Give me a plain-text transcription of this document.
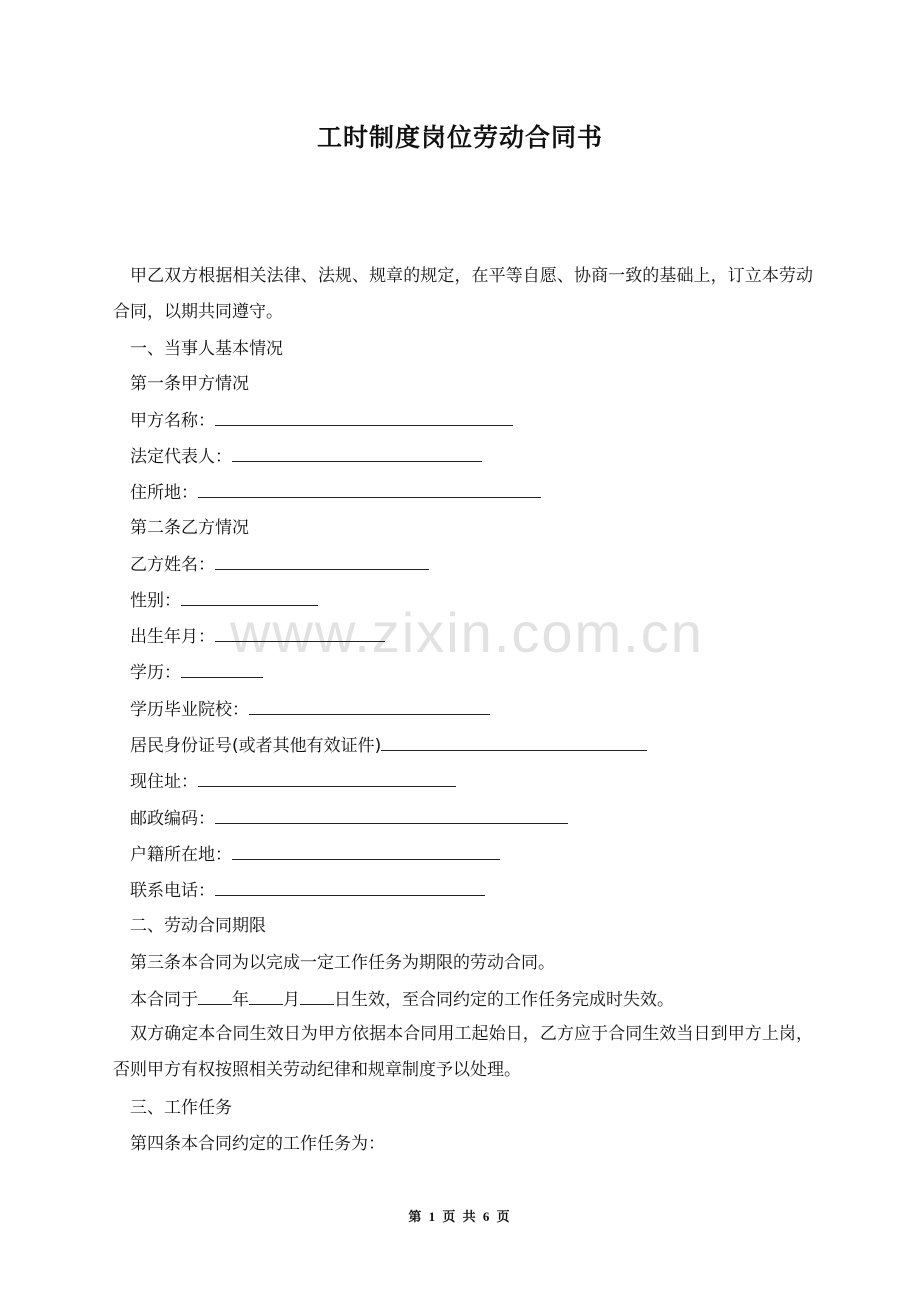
www.zixin.com.cn
工时制度岗位劳动合同书

甲乙双方根据相关法律、法规、规章的规定，在平等自愿、协商一致的基础上，订立本劳动合同，以期共同遵守。

一、当事人基本情况

第一条甲方情况

甲方名称：
法定代表人：
住所地：

第二条乙方情况

乙方姓名：
性别：
出生年月：
学历：
学历毕业院校：
居民身份证号(或者其他有效证件)
现住址：
邮政编码：
户籍所在地：
联系电话：

二、劳动合同期限

第三条本合同为以完成一定工作任务为期限的劳动合同。

本合同于 年 月 日生效，至合同约定的工作任务完成时失效。

双方确定本合同生效日为甲方依据本合同用工起始日，乙方应于合同生效当日到甲方上岗，否则甲方有权按照相关劳动纪律和规章制度予以处理。

三、工作任务

第四条本合同约定的工作任务为：

第 1 页 共 6 页
